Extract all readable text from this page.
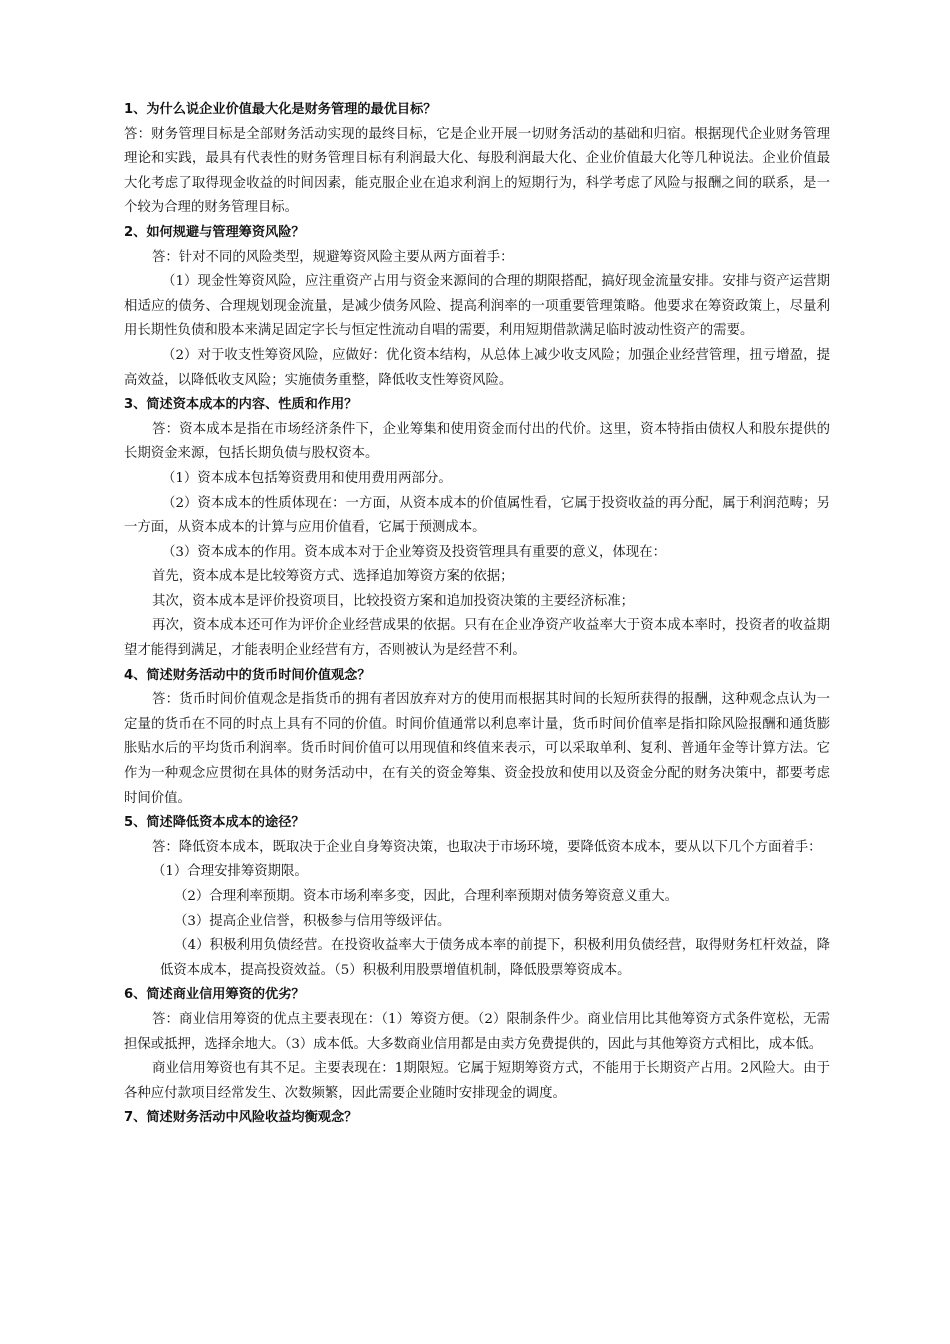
1、为什么说企业价值最大化是财务管理的最优目标？
答：财务管理目标是全部财务活动实现的最终目标，它是企业开展一切财务活动的基础和归宿。根据现代企业财务管理理论和实践，最具有代表性的财务管理目标有利润最大化、每股利润最大化、企业价值最大化等几种说法。企业价值最大化考虑了取得现金收益的时间因素，能克服企业在追求利润上的短期行为，科学考虑了风险与报酬之间的联系，是一个较为合理的财务管理目标。
2、如何规避与管理筹资风险？
答：针对不同的风险类型，规避筹资风险主要从两方面着手：
（1）现金性筹资风险，应注重资产占用与资金来源间的合理的期限搭配，搞好现金流量安排。安排与资产运营期相适应的债务、合理规划现金流量，是减少债务风险、提高利润率的一项重要管理策略。他要求在筹资政策上，尽量利用长期性负债和股本来满足固定字长与恒定性流动自唱的需要，利用短期借款满足临时波动性资产的需要。
（2）对于收支性筹资风险，应做好：优化资本结构，从总体上减少收支风险；加强企业经营管理，扭亏增盈，提高效益，以降低收支风险；实施债务重整，降低收支性筹资风险。
3、简述资本成本的内容、性质和作用？
答：资本成本是指在市场经济条件下，企业筹集和使用资金而付出的代价。这里，资本特指由债权人和股东提供的长期资金来源，包括长期负债与股权资本。
（1）资本成本包括筹资费用和使用费用两部分。
（2）资本成本的性质体现在：一方面，从资本成本的价值属性看，它属于投资收益的再分配，属于利润范畴；另一方面，从资本成本的计算与应用价值看，它属于预测成本。
（3）资本成本的作用。资本成本对于企业筹资及投资管理具有重要的意义，体现在：
首先，资本成本是比较筹资方式、选择追加筹资方案的依据；
其次，资本成本是评价投资项目，比较投资方案和追加投资决策的主要经济标准；
再次，资本成本还可作为评价企业经营成果的依据。只有在企业净资产收益率大于资本成本率时，投资者的收益期望才能得到满足，才能表明企业经营有方，否则被认为是经营不利。
4、简述财务活动中的货币时间价值观念？
答：货币时间价值观念是指货币的拥有者因放弃对方的使用而根据其时间的长短所获得的报酬，这种观念点认为一定量的货币在不同的时点上具有不同的价值。时间价值通常以利息率计量，货币时间价值率是指扣除风险报酬和通货膨胀贴水后的平均货币利润率。货币时间价值可以用现值和终值来表示，可以采取单利、复利、普通年金等计算方法。它作为一种观念应贯彻在具体的财务活动中，在有关的资金筹集、资金投放和使用以及资金分配的财务决策中，都要考虑时间价值。
5、简述降低资本成本的途径？
答：降低资本成本，既取决于企业自身筹资决策，也取决于市场环境，要降低资本成本，要从以下几个方面着手：
（1）合理安排筹资期限。
（2）合理利率预期。资本市场利率多变，因此，合理利率预期对债务筹资意义重大。
（3）提高企业信誉，积极参与信用等级评估。
（4）积极利用负债经营。在投资收益率大于债务成本率的前提下，积极利用负债经营，取得财务杠杆效益，降低资本成本，提高投资效益。（5）积极利用股票增值机制，降低股票筹资成本。
6、简述商业信用筹资的优劣？
答：商业信用筹资的优点主要表现在：（1）筹资方便。（2）限制条件少。商业信用比其他筹资方式条件宽松，无需担保或抵押，选择余地大。（3）成本低。大多数商业信用都是由卖方免费提供的，因此与其他筹资方式相比，成本低。
商业信用筹资也有其不足。主要表现在：1期限短。它属于短期筹资方式，不能用于长期资产占用。2风险大。由于各种应付款项目经常发生、次数频繁，因此需要企业随时安排现金的调度。
7、简述财务活动中风险收益均衡观念？
